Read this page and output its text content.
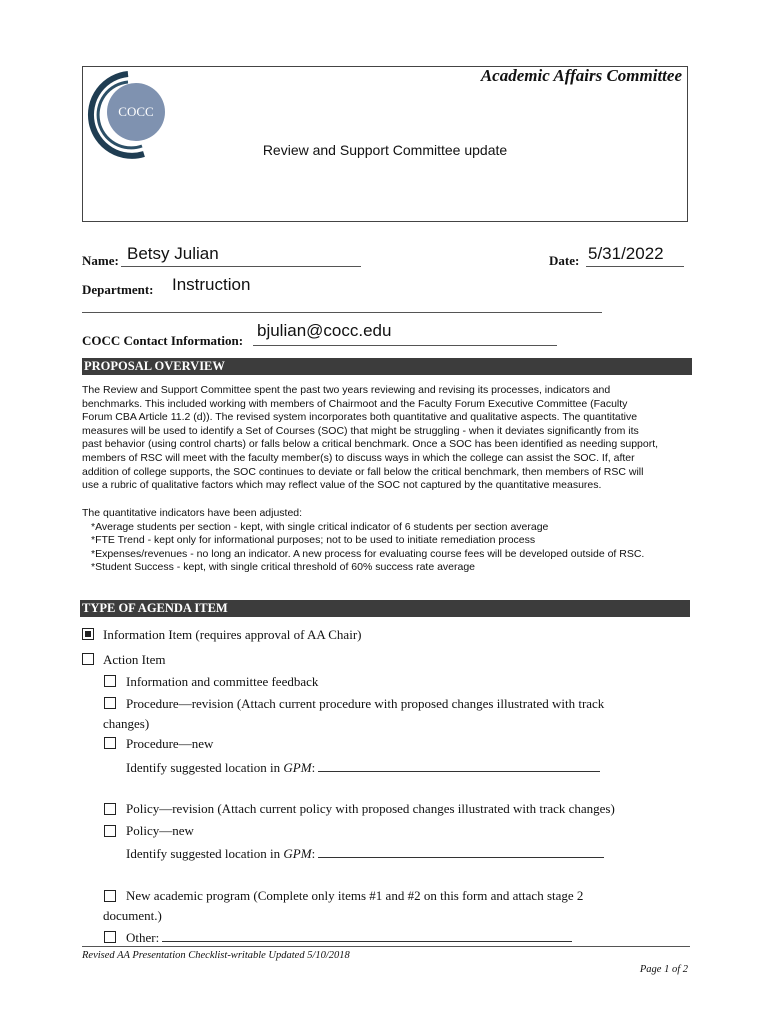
COCC
Academic Affairs Committee
Review and Support Committee update
Name: Betsy Julian	Date: 5/31/2022
Department: Instruction
COCC Contact Information:
bjulian@cocc.edu
PROPOSAL OVERVIEW
The Review and Support Committee spent the past two years reviewing and revising its processes, indicators and
benchmarks. This included working with members of Chairmoot and the Faculty Forum Executive Committee (Faculty
Forum CBA Article 11.2 (d)). The revised system incorporates both quantitative and qualitative aspects. The quantitative
measures will be used to identify a Set of Courses (SOC) that might be struggling - when it deviates significantly from its
past behavior (using control charts) or falls below a critical benchmark. Once a SOC has been identified as needing support,
members of RSC will meet with the faculty member(s) to discuss ways in which the college can assist the SOC. If, after
addition of college supports, the SOC continues to deviate or fall below the critical benchmark, then members of RSC will
use a rubric of qualitative factors which may reflect value of the SOC not captured by the quantitative measures.
The quantitative indicators have been adjusted:
*Average students per section - kept, with single critical indicator of 6 students per section average
*FTE Trend - kept only for informational purposes; not to be used to initiate remediation process
*Expenses/revenues - no long an indicator. A new process for evaluating course fees will be developed outside of RSC.
*Student Success - kept, with single critical threshold of 60% success rate average
TYPE OF AGENDA ITEM
Information Item (requires approval of AA Chair)
Action Item
Information and committee feedback
Procedure—revision (Attach current procedure with proposed changes illustrated with track
changes)
Procedure—new
Identify suggested location in GPM:
Policy—revision (Attach current policy with proposed changes illustrated with track changes)
Policy—new
Identify suggested location in GPM:
New academic program (Complete only items #1 and #2 on this form and attach stage 2
document.)
Other:
Revised AA Presentation Checklist-writable Updated 5/10/2018
Page 1 of 2
